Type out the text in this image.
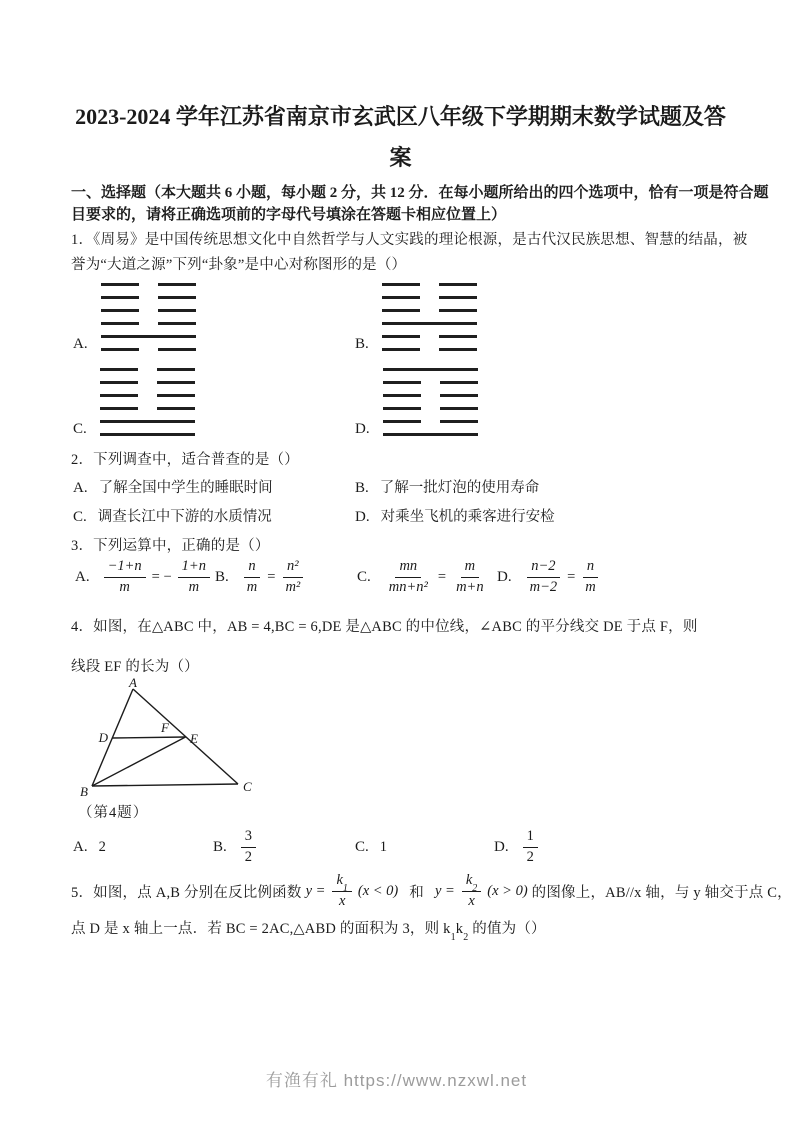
2023-2024 学年江苏省南京市玄武区八年级下学期期末数学试题及答
案
一、选择题（本大题共 6 小题，每小题 2 分，共 12 分．在每小题所给出的四个选项中，恰有一项是符合题
目要求的，请将正确选项前的字母代号填涂在答题卡相应位置上）
1．《周易》是中国传统思想文化中自然哲学与人文实践的理论根源，是古代汉民族思想、智慧的结晶，被
誉为“大道之源”下列“卦象”是中心对称图形的是（）
A.	B.
C.	D.
2．下列调查中，适合普查的是（）
A. 了解全国中学生的睡眠时间	B. 了解一批灯泡的使用寿命
C. 调查长江中下游的水质情况	D. 对乘坐飞机的乘客进行安检
3．下列运算中，正确的是（）
A. $\frac{-1+n}{m}$ = − $\frac{1+n}{m} B$. $\frac{n}{m} = \frac{\text{n²}}{\text{m²}}$	C. $\frac{mn}{\text{mn+n²}} = \frac{m}{m+n} D$. $\frac{n-2}{m-2} = \frac{n}{m}$
4．如图，在△ABC 中，AB = 4,BC = 6,DE 是△ABC 的中位线，∠ABC 的平分线交 DE 于点 F，则
线段 EF 的长为（）
A
B	C
D	E
F
（第4题）
A. 2	B. $\frac{3}{2}$	C. 1	D. $\frac{1}{2}$
5．如图，点 A,B 分别在反比例函数 $y = \frac{k_1}{x} (x < 0)$ 和 $y = \frac{k_2}{x} (x > 0)$ 的图像上，AB//x 轴，与 y 轴交于点 C，
点 D 是 x 轴上一点．若 BC = 2AC,△ABD 的面积为 3，则 $k_1k_2$ 的值为（）
有渔有礼 https://www.nzxwl.net
